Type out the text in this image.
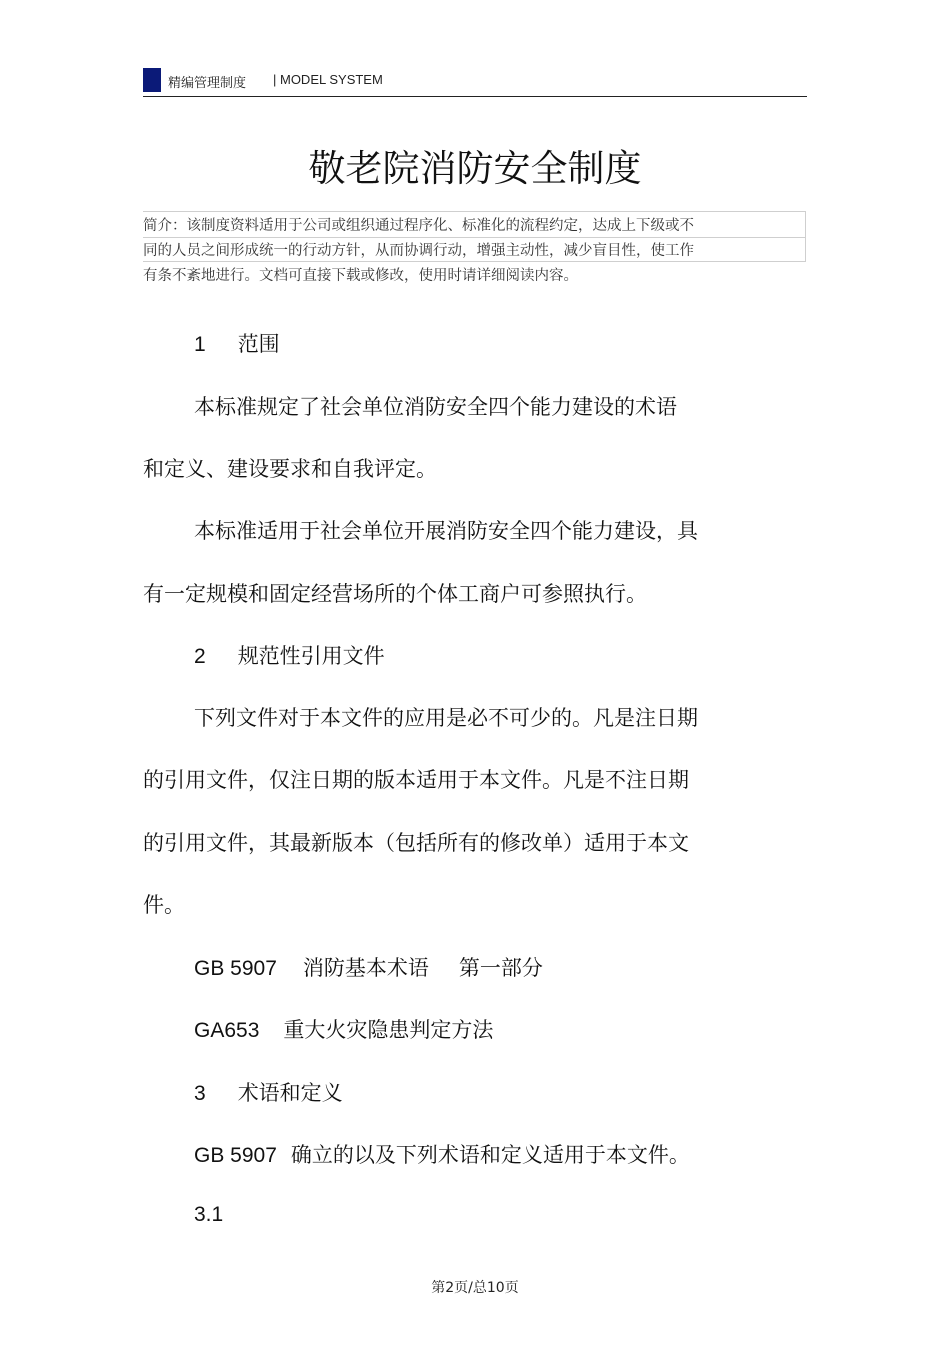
精编管理制度 | MODEL SYSTEM
敬老院消防安全制度
简介：该制度资料适用于公司或组织通过程序化、标准化的流程约定，达成上下级或不
同的人员之间形成统一的行动方针，从而协调行动，增强主动性，减少盲目性，使工作
有条不紊地进行。文档可直接下载或修改，使用时请详细阅读内容。
1 范围
本标准规定了社会单位消防安全四个能力建设的术语
和定义、建设要求和自我评定。
本标准适用于社会单位开展消防安全四个能力建设，具
有一定规模和固定经营场所的个体工商户可参照执行。
2 规范性引用文件
下列文件对于本文件的应用是必不可少的。凡是注日期
的引用文件，仅注日期的版本适用于本文件。凡是不注日期
的引用文件，其最新版本（包括所有的修改单）适用于本文
件。
GB 5907 消防基本术语 第一部分
GA653 重大火灾隐患判定方法
3 术语和定义
GB 5907 确立的以及下列术语和定义适用于本文件。
3.1
第2页/总10页
